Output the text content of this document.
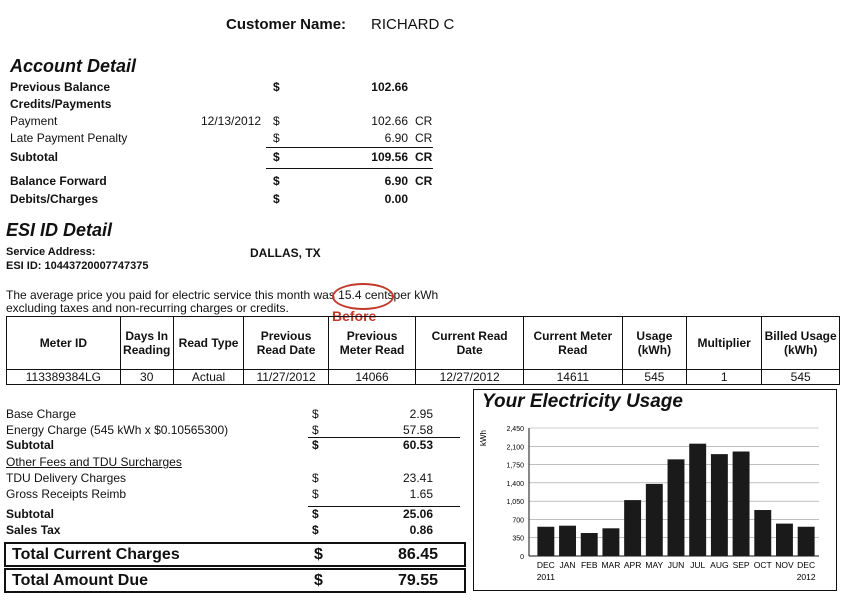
Customer Name: RICHARD C
Account Detail
Previous Balance	$	102.66
Credits/Payments
Payment	12/13/2012 $	102.66 CR
Late Payment Penalty	$	6.90 CR
Subtotal	$	109.56 CR
Balance Forward	$	6.90 CR
Debits/Charges	$	0.00
ESI ID Detail
Service Address:	DALLAS, TX
ESI ID: 10443720007747375
The average price you paid for electric service this month was 15.4 centsper kWh
excluding taxes and non-recurring charges or credits.	Before
Meter ID	Days In Reading	Read Type	Previous Read Date	Previous Meter Read	Current Read Date	Current Meter Read	Usage (kWh)	Multiplier	Billed Usage (kWh)
113389384LG	30	Actual	11/27/2012	14066	12/27/2012	14611	545	1	545
Base Charge	$	2.95
Energy Charge (545 kWh x $0.10565300)	$	57.58
Subtotal	$	60.53
Other Fees and TDU Surcharges
TDU Delivery Charges	$	23.41
Gross Receipts Reimb	$	1.65
Subtotal	$	25.06
Sales Tax	$	0.86
Total Current Charges	$	86.45
Total Amount Due	$	79.55
Your Electricity Usage
0
350
700
1,050
1,400
1,750
2,100
2,450
kWh
DEC JAN FEB MAR APR MAY JUN JUL AUG SEP OCT NOV DEC
2011	2012
